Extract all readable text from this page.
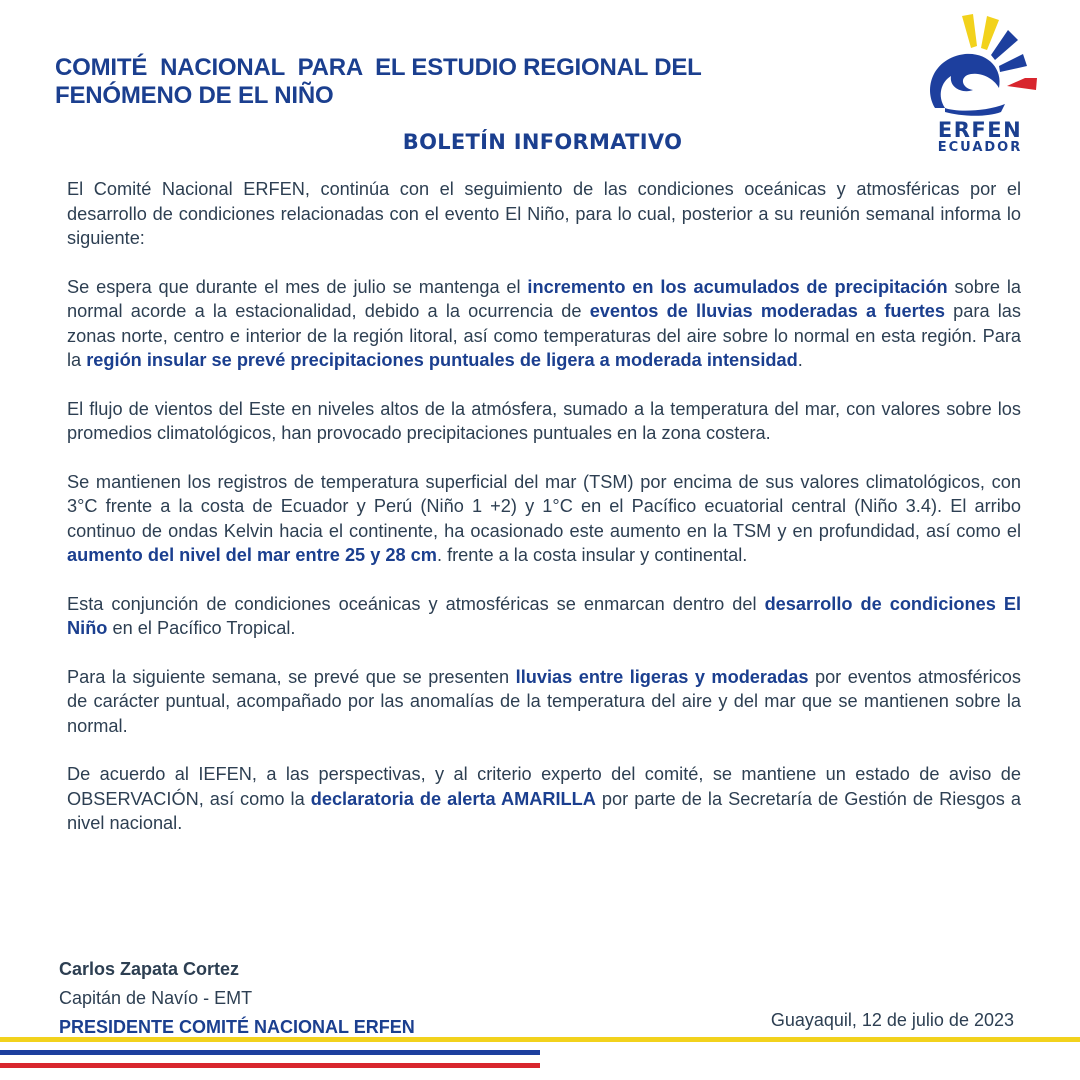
COMITÉ  NACIONAL  PARA  EL ESTUDIO REGIONAL DEL
FENÓMENO DE EL NIÑO
ERFEN
ECUADOR
BOLETÍN INFORMATIVO

El Comité Nacional ERFEN, continúa con el seguimiento de las condiciones oceánicas y atmosféricas por el desarrollo de condiciones relacionadas con el evento El Niño, para lo cual, posterior a su reunión semanal informa lo siguiente:

Se espera que durante el mes de julio se mantenga el incremento en los acumulados de precipitación sobre la normal acorde a la estacionalidad, debido a la ocurrencia de eventos de lluvias moderadas a fuertes para las zonas norte, centro e interior de la región litoral, así como temperaturas del aire sobre lo normal en esta región. Para la región insular se prevé precipitaciones puntuales de ligera a moderada intensidad.

El flujo de vientos del Este en niveles altos de la atmósfera, sumado a la temperatura del mar, con valores sobre los promedios climatológicos, han provocado precipitaciones puntuales en la zona costera.

Se mantienen los registros de temperatura superficial del mar (TSM) por encima de sus valores climatológicos, con 3°C frente a la costa de Ecuador y Perú (Niño 1 +2) y 1°C en el Pacífico ecuatorial central (Niño 3.4). El arribo continuo de ondas Kelvin hacia el continente, ha ocasionado este aumento en la TSM y en profundidad, así como el aumento del nivel del mar entre 25 y 28 cm. frente a la costa insular y continental.

Esta conjunción de condiciones oceánicas y atmosféricas se enmarcan dentro del desarrollo de condiciones El Niño en el Pacífico Tropical.

Para la siguiente semana, se prevé que se presenten lluvias entre ligeras y moderadas por eventos atmosféricos de carácter puntual, acompañado por las anomalías de la temperatura del aire y del mar que se mantienen sobre la normal.

De acuerdo al IEFEN, a las perspectivas, y al criterio experto del comité, se mantiene un estado de aviso de OBSERVACIÓN, así como la declaratoria de alerta AMARILLA por parte de la Secretaría de Gestión de Riesgos a nivel nacional.

Carlos Zapata Cortez
Capitán de Navío - EMT
PRESIDENTE COMITÉ NACIONAL ERFEN	Guayaquil, 12 de julio de 2023
